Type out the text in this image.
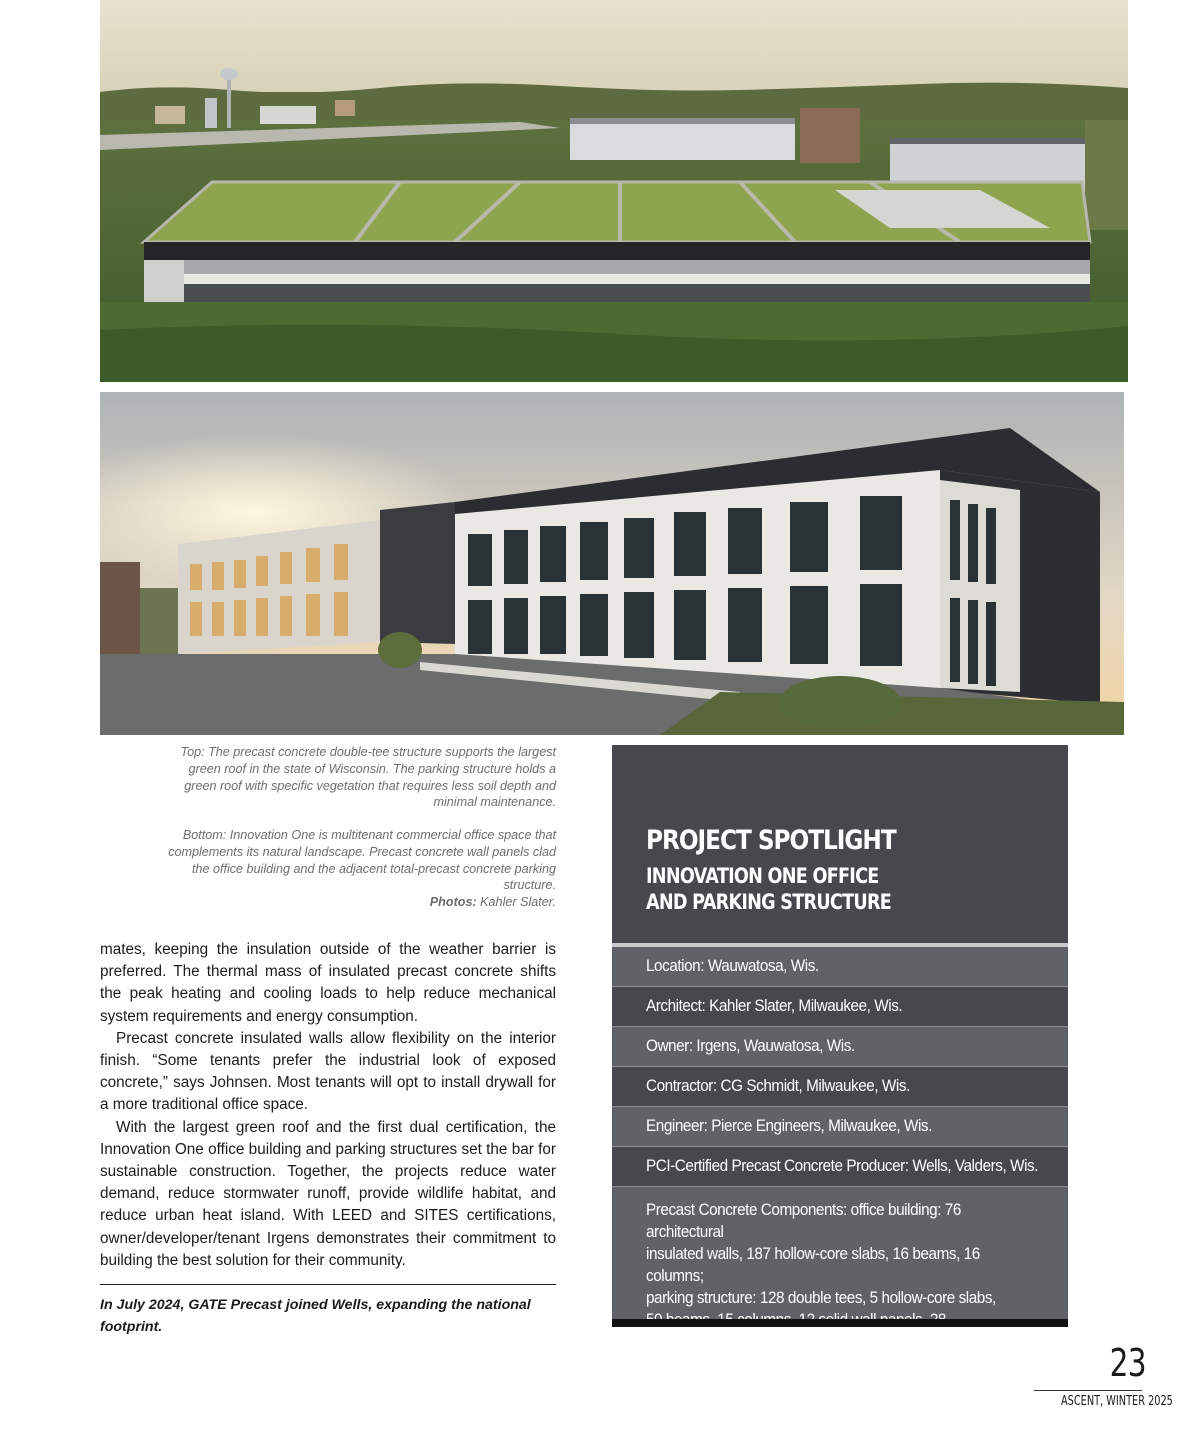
Top: The precast concrete double-tee structure supports the largest green roof in the state of Wisconsin. The parking structure holds a green roof with specific vegetation that requires less soil depth and minimal maintenance.

Bottom: Innovation One is multitenant commercial office space that complements its natural landscape. Precast concrete wall panels clad the office building and the adjacent total-precast concrete parking structure.
Photos: Kahler Slater.

mates, keeping the insulation outside of the weather barrier is preferred. The thermal mass of insulated precast concrete shifts the peak heating and cooling loads to help reduce mechanical system requirements and energy consumption.

Precast concrete insulated walls allow flexibility on the interior finish. “Some tenants prefer the industrial look of exposed concrete,” says Johnsen. Most tenants will opt to install drywall for a more traditional office space.

With the largest green roof and the first dual certification, the Innovation One office building and parking structures set the bar for sustainable construction. Together, the projects reduce water demand, reduce stormwater runoff, provide wildlife habitat, and reduce urban heat island. With LEED and SITES certifications, owner/developer/tenant Irgens demonstrates their commitment to building the best solution for their community.

In July 2024, GATE Precast joined Wells, expanding the national footprint.

PROJECT SPOTLIGHT
INNOVATION ONE OFFICE
AND PARKING STRUCTURE
Location: Wauwatosa, Wis.
Architect: Kahler Slater, Milwaukee, Wis.
Owner: Irgens, Wauwatosa, Wis.
Contractor: CG Schmidt, Milwaukee, Wis.
Engineer: Pierce Engineers, Milwaukee, Wis.
PCI-Certified Precast Concrete Producer: Wells, Valders, Wis.
Precast Concrete Components: office building: 76 architectural
insulated walls, 187 hollow-core slabs, 16 beams, 16 columns;
parking structure: 128 double tees, 5 hollow-core slabs,
spandrels,
10 shear walls, 9 stairs	23
ASCENT, WINTER 2025
